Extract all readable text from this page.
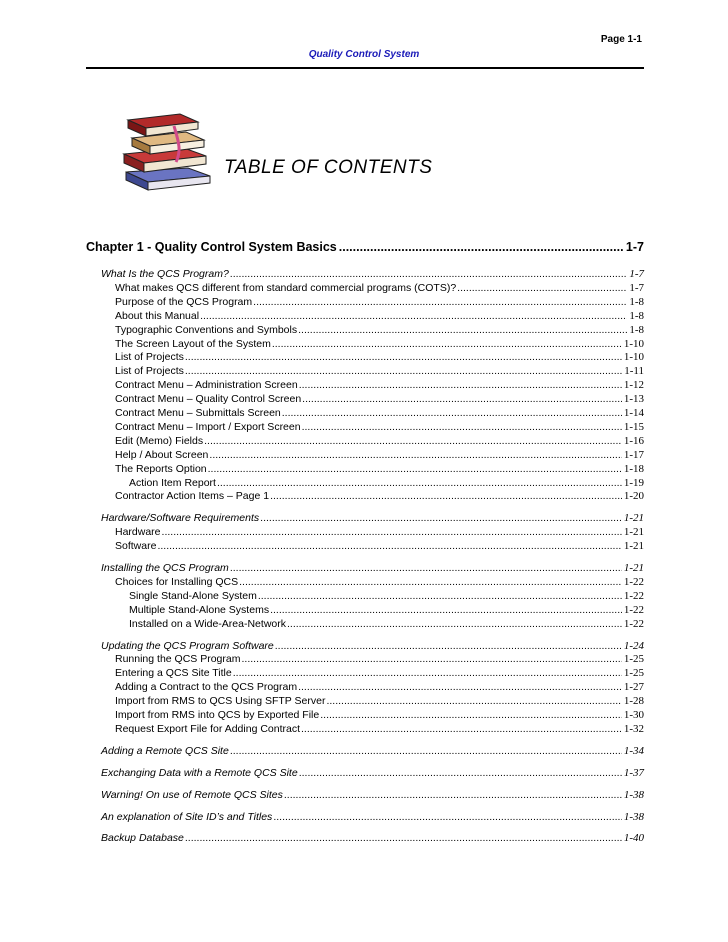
Page 1-1
Quality Control System
TABLE OF CONTENTS
Chapter 1 - Quality Control System Basics .....	1-7
What Is the QCS Program? .....	1-7
What makes QCS different from standard commercial programs (COTS)? .....	1-7
Purpose of the QCS Program .....	1-8
About this Manual .....	1-8
Typographic Conventions and Symbols .....	1-8
The Screen Layout of the System .....	1-10
List of Projects .....	1-10
List of Projects .....	1-11
Contract Menu – Administration Screen .....	1-12
Contract Menu – Quality Control Screen .....	1-13
Contract Menu – Submittals Screen .....	1-14
Contract Menu – Import / Export Screen .....	1-15
Edit (Memo) Fields .....	1-16
Help / About Screen .....	1-17
The Reports Option .....	1-18
Action Item Report .....	1-19
Contractor Action Items – Page 1 .....	1-20
Hardware/Software Requirements .....	1-21
Hardware .....	1-21
Software .....	1-21
Installing the QCS Program .....	1-21
Choices for Installing QCS .....	1-22
Single Stand-Alone System .....	1-22
Multiple Stand-Alone Systems .....	1-22
Installed on a Wide-Area-Network .....	1-22
Updating the QCS Program Software .....	1-24
Running the QCS Program .....	1-25
Entering a QCS Site Title .....	1-25
Adding a Contract to the QCS Program .....	1-27
Import from RMS to QCS Using SFTP Server .....	1-28
Import from RMS into QCS by Exported File .....	1-30
Request Export File for Adding Contract .....	1-32
Adding a Remote QCS Site .....	1-34
Exchanging Data with a Remote QCS Site .....	1-37
Warning! On use of Remote QCS Sites .....	1-38
An explanation of Site ID’s and Titles .....	1-38
Backup Database .....	1-40
